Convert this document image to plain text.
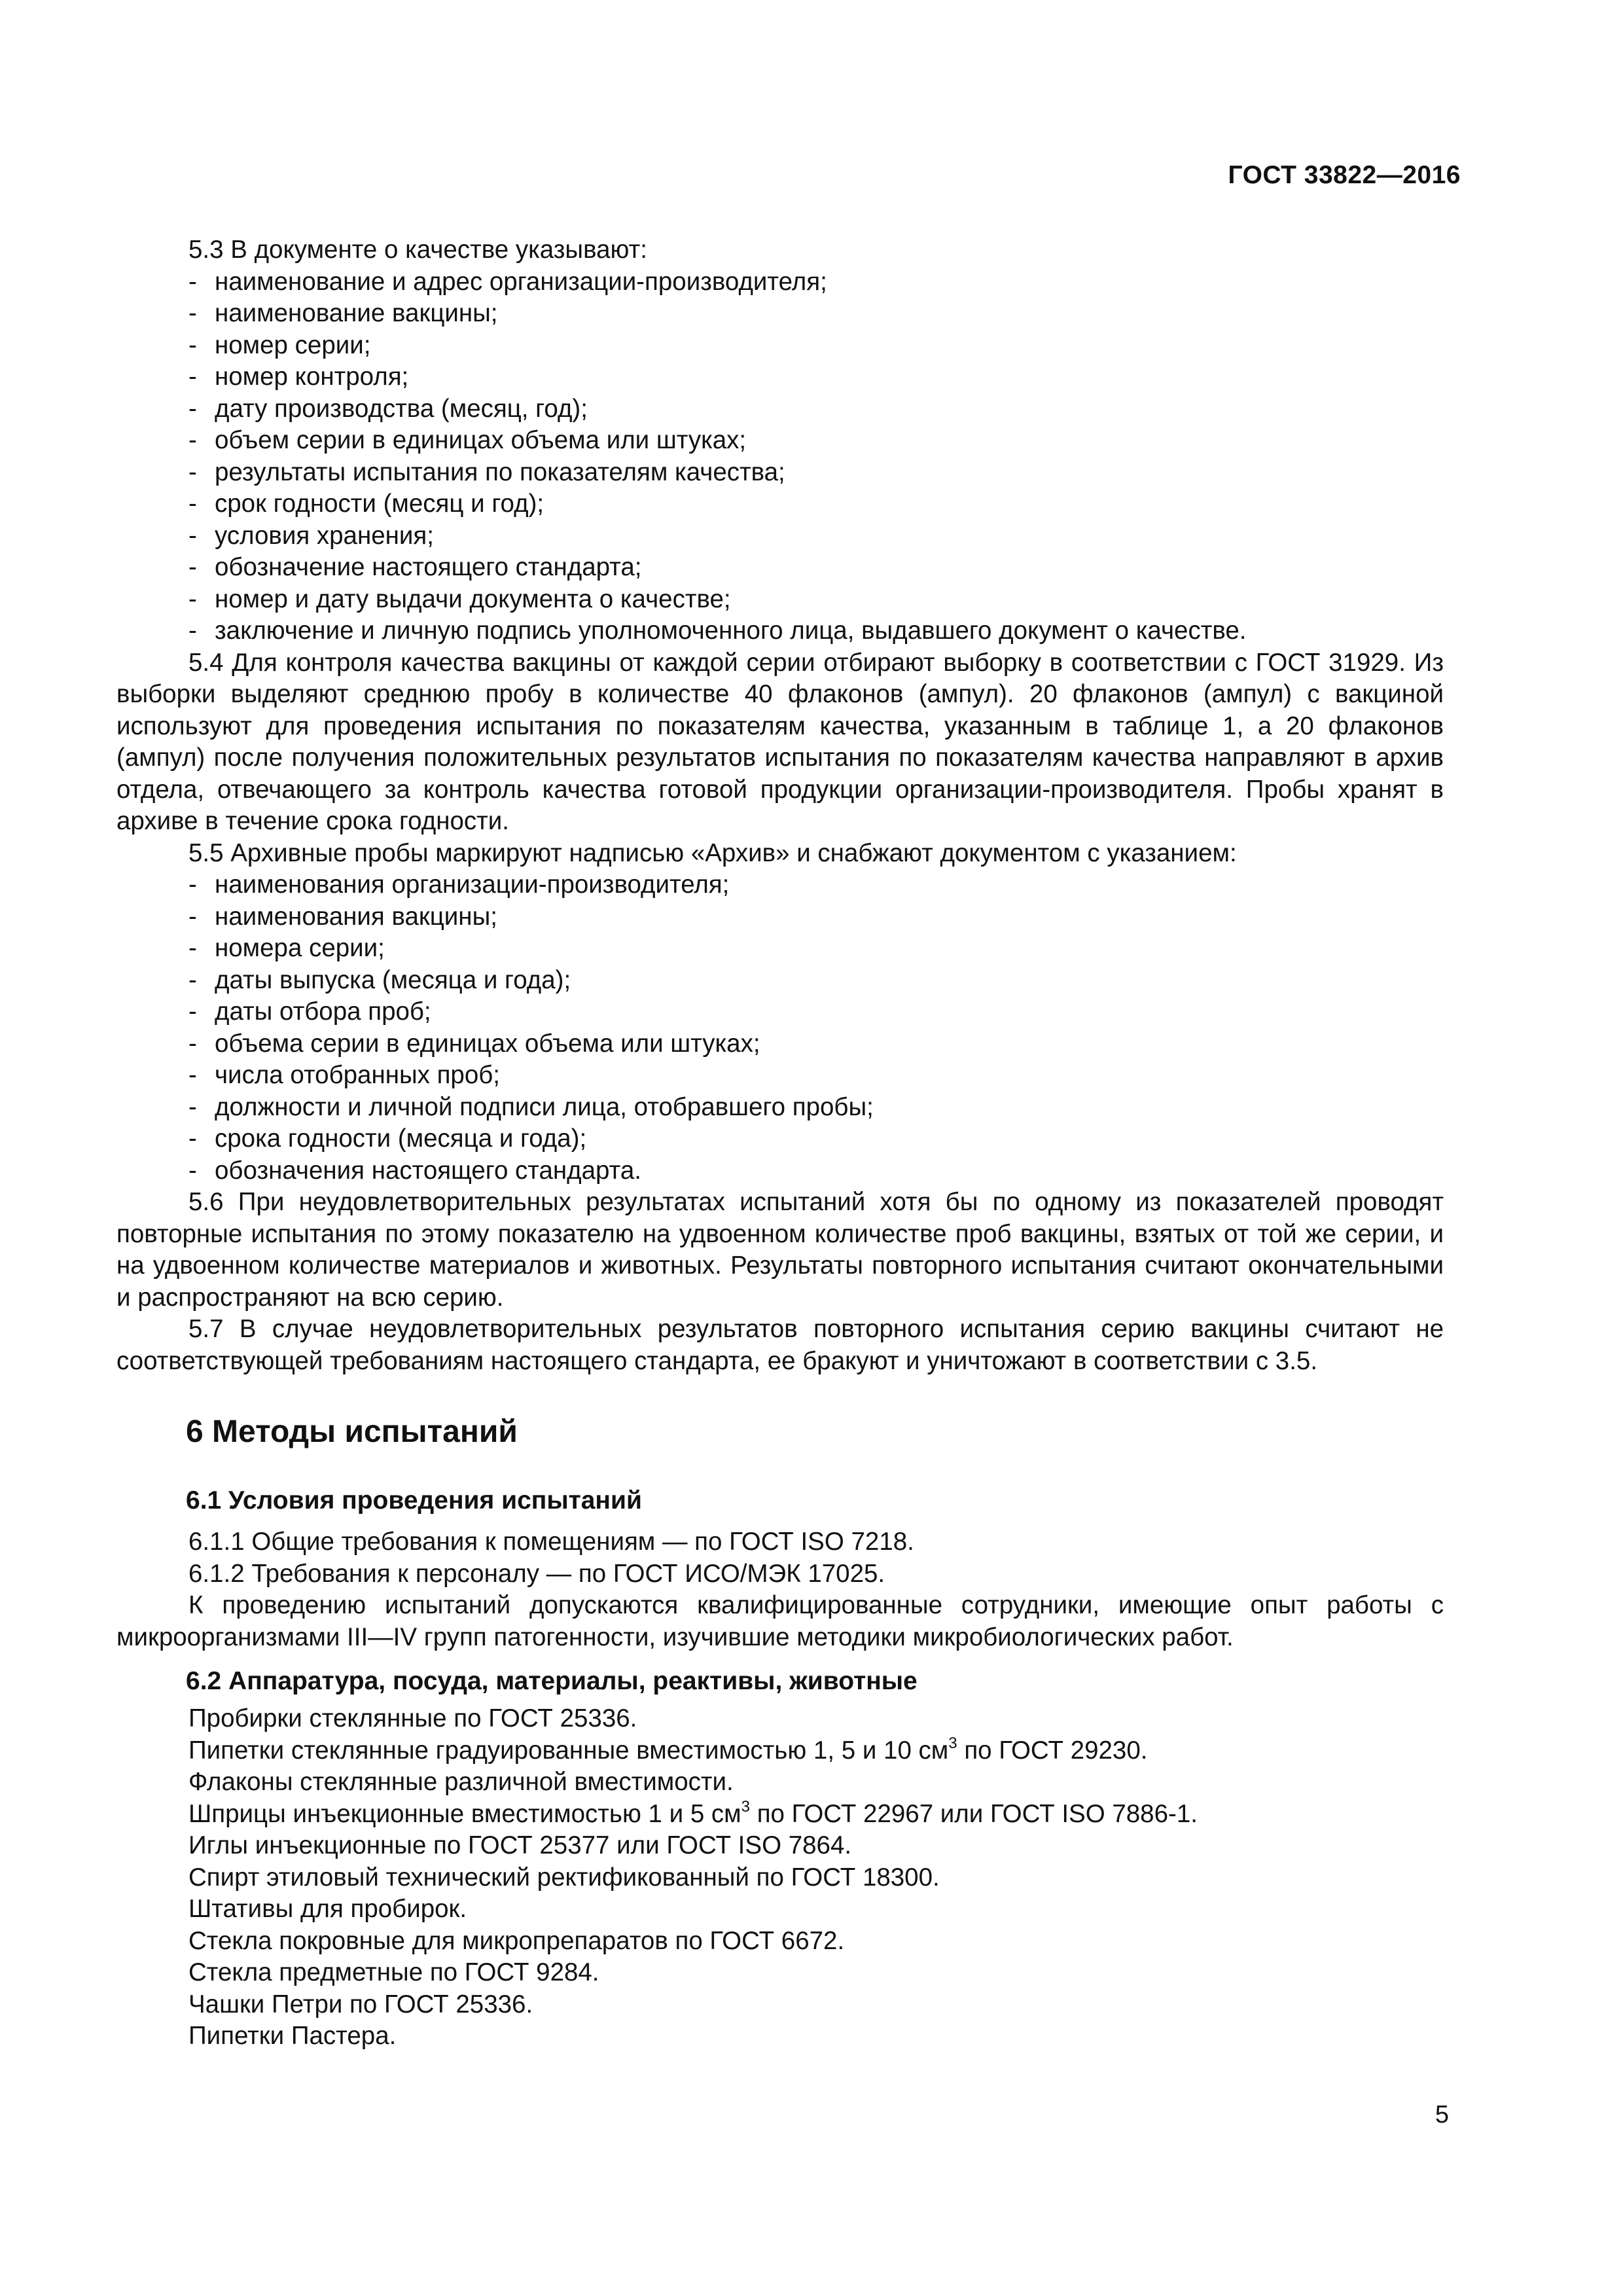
ГОСТ 33822—2016

5.3 В документе о качестве указывают:

- наименование и адрес организации-производителя;

- наименование вакцины;

- номер серии;

- номер контроля;

- дату производства (месяц, год);

- объем серии в единицах объема или штуках;

- результаты испытания по показателям качества;

- срок годности (месяц и год);

- условия хранения;

- обозначение настоящего стандарта;

- номер и дату выдачи документа о качестве;

- заключение и личную подпись уполномоченного лица, выдавшего документ о качестве.

5.4 Для контроля качества вакцины от каждой серии отбирают выборку в соответствии с ГОСТ 31929. Из выборки выделяют среднюю пробу в количестве 40 флаконов (ампул). 20 флаконов (ампул) с вакциной используют для проведения испытания по показателям качества, указанным в таблице 1, а 20 флаконов (ампул) после получения положительных результатов испытания по показателям качества направляют в архив отдела, отвечающего за контроль качества готовой продукции организации-производителя. Пробы хранят в архиве в течение срока годности.

5.5 Архивные пробы маркируют надписью «Архив» и снабжают документом с указанием:

- наименования организации-производителя;

- наименования вакцины;

- номера серии;

- даты выпуска (месяца и года);

- даты отбора проб;

- объема серии в единицах объема или штуках;

- числа отобранных проб;

- должности и личной подписи лица, отобравшего пробы;

- срока годности (месяца и года);

- обозначения настоящего стандарта.

5.6 При неудовлетворительных результатах испытаний хотя бы по одному из показателей проводят повторные испытания по этому показателю на удвоенном количестве проб вакцины, взятых от той же серии, и на удвоенном количестве материалов и животных. Результаты повторного испытания считают окончательными и распространяют на всю серию.

5.7 В случае неудовлетворительных результатов повторного испытания серию вакцины считают не соответствующей требованиям настоящего стандарта, ее бракуют и уничтожают в соответствии с 3.5.

6 Методы испытаний
6.1 Условия проведения испытаний

6.1.1 Общие требования к помещениям — по ГОСТ ISO 7218.

6.1.2 Требования к персоналу — по ГОСТ ИСО/МЭК 17025.

К проведению испытаний допускаются квалифицированные сотрудники, имеющие опыт работы с микроорганизмами III—IV групп патогенности, изучившие методики микробиологических работ.

6.2 Аппаратура, посуда, материалы, реактивы, животные

Пробирки стеклянные по ГОСТ 25336.

Пипетки стеклянные градуированные вместимостью 1, 5 и 10 $см^3$ по ГОСТ 29230.

Флаконы стеклянные различной вместимости.

Шприцы инъекционные вместимостью 1 и 5 $см^3$ по ГОСТ 22967 или ГОСТ ISO 7886-1.

Иглы инъекционные по ГОСТ 25377 или ГОСТ ISO 7864.

Спирт этиловый технический ректификованный по ГОСТ 18300.

Штативы для пробирок.

Стекла покровные для микропрепаратов по ГОСТ 6672.

Стекла предметные по ГОСТ 9284.

Чашки Петри по ГОСТ 25336.

Пипетки Пастера.

5
